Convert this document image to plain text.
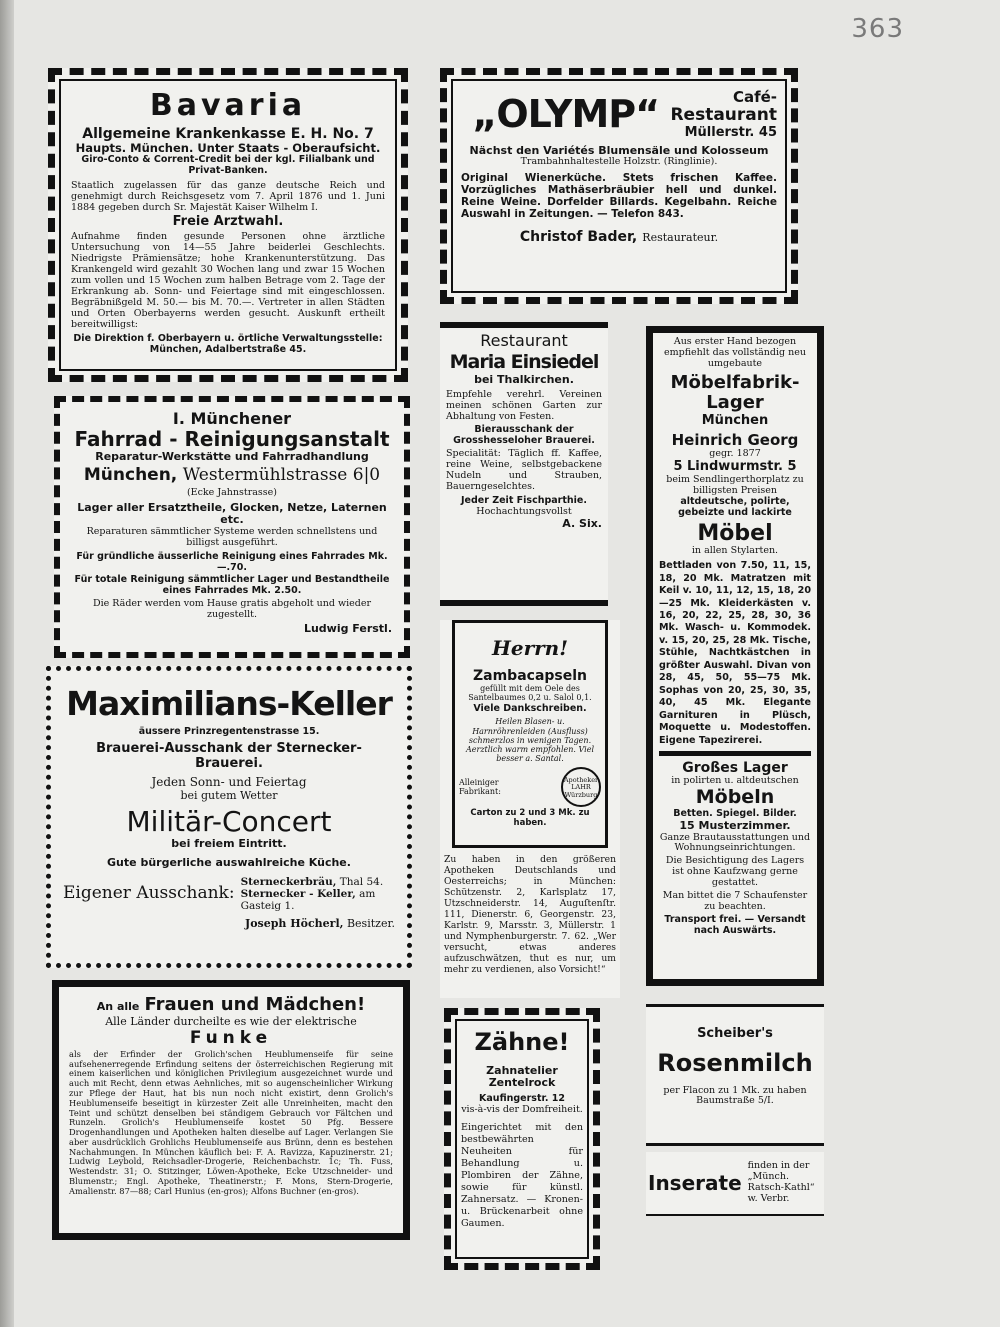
363

Bavaria

Allgemeine Krankenkasse E. H. No. 7

Haupts. München. Unter Staats - Oberaufsicht.

Giro-Conto & Corrent-Credit bei der kgl. Filialbank und Privat-Banken.

Staatlich zugelassen für das ganze deutsche Reich und genehmigt durch Reichsgesetz vom 7. April 1876 und 1. Juni 1884 gegeben durch Sr. Majestät Kaiser Wilhelm I.

Freie Arztwahl.

Aufnahme finden gesunde Personen ohne ärztliche Untersuchung von 14—55 Jahre beiderlei Geschlechts. Niedrigste Prämiensätze; hohe Krankenunterstützung. Das Krankengeld wird gezahlt 30 Wochen lang und zwar 15 Wochen zum vollen und 15 Wochen zum halben Betrage vom 2. Tage der Erkrankung ab. Sonn- und Feiertage sind mit eingeschlossen. Begräbnißgeld M. 50.— bis M. 70.—. Vertreter in allen Städten und Orten Oberbayerns werden gesucht. Auskunft ertheilt bereitwilligst:

Die Direktion f. Oberbayern u. örtliche Verwaltungsstelle:

München, Adalbertstraße 45.

I. Münchener

Fahrrad - Reinigungsanstalt

Reparatur-Werkstätte und Fahrradhandlung

München, Westermühlstrasse 6|0

(Ecke Jahnstrasse)

Lager aller Ersatztheile, Glocken, Netze, Laternen etc.

Reparaturen sämmtlicher Systeme werden schnellstens und billigst ausgeführt.

Für gründliche äusserliche Reinigung eines Fahrrades Mk. —.70.

Für totale Reinigung sämmtlicher Lager und Bestandtheile eines Fahrrades Mk. 2.50.

Die Räder werden vom Hause gratis abgeholt und wieder zugestellt.

Ludwig Ferstl.

Maximilians-Keller

äussere Prinzregentenstrasse 15.

Brauerei-Ausschank der Sternecker-Brauerei.

Jeden Sonn- und Feiertag

bei gutem Wetter

Militär-Concert

bei freiem Eintritt.

Gute bürgerliche auswahlreiche Küche.

Eigener Ausschank:

Sterneckerbräu, Thal 54.

Sternecker - Keller, am Gasteig 1.

Joseph Höcherl, Besitzer.

An alle Frauen und Mädchen!

Alle Länder durcheilte es wie der elektrische

Funke

als der Erfinder der Grolich'schen Heublumenseife für seine aufsehenerregende Erfindung seitens der österreichischen Regierung mit einem kaiserlichen und königlichen Privilegium ausgezeichnet wurde und auch mit Recht, denn etwas Aehnliches, mit so augenscheinlicher Wirkung zur Pflege der Haut, hat bis nun noch nicht existirt, denn Grolich's Heublumenseife beseitigt in kürzester Zeit alle Unreinheiten, macht den Teint und schützt denselben bei ständigem Gebrauch vor Fältchen und Runzeln. Grolich's Heublumenseife kostet 50 Pfg. Bessere Drogenhandlungen und Apotheken halten dieselbe auf Lager. Verlangen Sie aber ausdrücklich Grohlichs Heublumenseife aus Brünn, denn es bestehen Nachahmungen. In München käuflich bei: F. A. Ravizza, Kapuzinerstr. 21; Ludwig Leybold, Reichsadler-Drogerie, Reichenbachstr. 1c; Th. Fuss, Westendstr. 31; O. Stitzinger, Löwen-Apotheke, Ecke Utzschneider- und Blumenstr.; Engl. Apotheke, Theatinerstr.; F. Mons, Stern-Drogerie, Amalienstr. 87—88; Carl Hunius (en-gros); Alfons Buchner (en-gros).

„OLYMP“	Café-

Restaurant

Müllerstr. 45

Nächst den Variétés Blumensäle und Kolosseum

Trambahnhaltestelle Holzstr. (Ringlinie).

Original Wienerküche. Stets frischen Kaffee. Vorzügliches Mathäserbräubier hell und dunkel. Reine Weine. Dorfelder Billards. Kegelbahn. Reiche Auswahl in Zeitungen. — Telefon 843.

Christof Bader, Restaurateur.

Restaurant

Maria Einsiedel

bei Thalkirchen.

Empfehle verehrl. Vereinen meinen schönen Garten zur Abhaltung von Festen.

Bierausschank der Grosshesseloher Brauerei.

Specialität: Täglich ff. Kaffee, reine Weine, selbstgebackene Nudeln und Strauben, Bauerngeselchtes.

Jeder Zeit Fischparthie.

Hochachtungsvollst

A. Six.

Aus erster Hand bezogen empfiehlt das vollständig neu umgebaute

Möbelfabrik-Lager

München

Heinrich Georg

gegr. 1877

5 Lindwurmstr. 5

beim Sendlingerthorplatz zu billigsten Preisen

altdeutsche, polirte, gebeizte und lackirte

Möbel

in allen Stylarten.

Bettladen von 7.50, 11, 15, 18, 20 Mk. Matratzen mit Keil v. 10, 11, 12, 15, 18, 20—25 Mk. Kleiderkästen v. 16, 20, 22, 25, 28, 30, 36 Mk. Wasch- u. Kommodek. v. 15, 20, 25, 28 Mk. Tische, Stühle, Nachtkästchen in größter Auswahl. Divan von 28, 45, 50, 55—75 Mk. Sophas von 20, 25, 30, 35, 40, 45 Mk. Elegante Garnituren in Plüsch, Moquette u. Modestoffen. Eigene Tapezirerei.

Großes Lager

in polirten u. altdeutschen

Möbeln

Betten. Spiegel. Bilder.

15 Musterzimmer.

Ganze Brautausstattungen und Wohnungseinrichtungen.

Die Besichtigung des Lagers ist ohne Kaufzwang gerne gestattet.

Man bittet die 7 Schaufenster zu beachten.

Transport frei. — Versandt nach Auswärts.

Herrn!

Zambacapseln

gefüllt mit dem Oele des Santelbaumes 0,2 u. Salol 0,1.

Viele Dankschreiben.

Heilen Blasen- u. Harnröhrenleiden (Ausfluss) schmerzlos in wenigen Tagen. Aerztlich warm empfohlen. Viel besser a. Santal.

Alleiniger Fabrikant:
Apotheker LAHR Würzburg

Carton zu 2 und 3 Mk. zu haben.

Zu haben in den größeren Apotheken Deutschlands und Oesterreichs; in München: Schützenstr. 2, Karlsplatz 17, Utzschneiderstr. 14, Auguſtenſtr. 111, Dienerstr. 6, Georgenstr. 23, Karlstr. 9, Marsstr. 3, Müllerstr. 1 und Nymphenburgerstr. 7. 62. „Wer versucht, etwas anderes aufzuschwätzen, thut es nur, um mehr zu verdienen, also Vorsicht!“

Zähne!

Zahnatelier Zentelrock

Kaufingerstr. 12

vis-à-vis der Domfreiheit.

Eingerichtet mit den bestbewährten Neuheiten für Behandlung u. Plombiren der Zähne, sowie für künstl. Zahnersatz. — Kronen- u. Brückenarbeit ohne Gaumen.

Scheiber's

Rosenmilch

per Flacon zu 1 Mk. zu haben Baumstraße 5/I.

Inserate
finden in der „Münch. Ratsch-Kathl“ w. Verbr.
